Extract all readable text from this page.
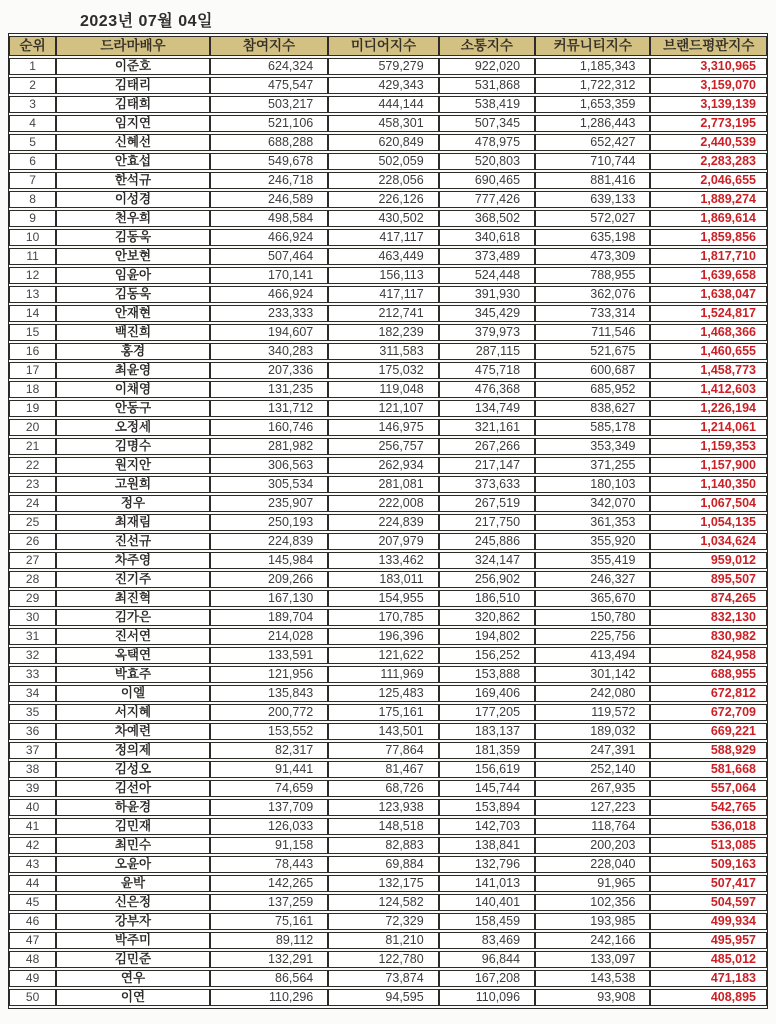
2023년 07월 04일
순위	드라마배우	참여지수	미디어지수	소통지수	커뮤니티지수	브랜드평판지수
1	이준호	624,324	579,279	922,020	1,185,343	3,310,965
2	김태리	475,547	429,343	531,868	1,722,312	3,159,070
3	김태희	503,217	444,144	538,419	1,653,359	3,139,139
4	임지연	521,106	458,301	507,345	1,286,443	2,773,195
5	신혜선	688,288	620,849	478,975	652,427	2,440,539
6	안효섭	549,678	502,059	520,803	710,744	2,283,283
7	한석규	246,718	228,056	690,465	881,416	2,046,655
8	이성경	246,589	226,126	777,426	639,133	1,889,274
9	천우희	498,584	430,502	368,502	572,027	1,869,614
10	김동욱	466,924	417,117	340,618	635,198	1,859,856
11	안보현	507,464	463,449	373,489	473,309	1,817,710
12	임윤아	170,141	156,113	524,448	788,955	1,639,658
13	김동욱	466,924	417,117	391,930	362,076	1,638,047
14	안재현	233,333	212,741	345,429	733,314	1,524,817
15	백진희	194,607	182,239	379,973	711,546	1,468,366
16	홍경	340,283	311,583	287,115	521,675	1,460,655
17	최윤영	207,336	175,032	475,718	600,687	1,458,773
18	이채영	131,235	119,048	476,368	685,952	1,412,603
19	안동구	131,712	121,107	134,749	838,627	1,226,194
20	오정세	160,746	146,975	321,161	585,178	1,214,061
21	김명수	281,982	256,757	267,266	353,349	1,159,353
22	원지안	306,563	262,934	217,147	371,255	1,157,900
23	고원희	305,534	281,081	373,633	180,103	1,140,350
24	정우	235,907	222,008	267,519	342,070	1,067,504
25	최재림	250,193	224,839	217,750	361,353	1,054,135
26	진선규	224,839	207,979	245,886	355,920	1,034,624
27	차주영	145,984	133,462	324,147	355,419	959,012
28	진기주	209,266	183,011	256,902	246,327	895,507
29	최진혁	167,130	154,955	186,510	365,670	874,265
30	김가은	189,704	170,785	320,862	150,780	832,130
31	진서연	214,028	196,396	194,802	225,756	830,982
32	옥택연	133,591	121,622	156,252	413,494	824,958
33	박효주	121,956	111,969	153,888	301,142	688,955
34	이엘	135,843	125,483	169,406	242,080	672,812
35	서지혜	200,772	175,161	177,205	119,572	672,709
36	차예련	153,552	143,501	183,137	189,032	669,221
37	정의제	82,317	77,864	181,359	247,391	588,929
38	김성오	91,441	81,467	156,619	252,140	581,668
39	김선아	74,659	68,726	145,744	267,935	557,064
40	하윤경	137,709	123,938	153,894	127,223	542,765
41	김민재	126,033	148,518	142,703	118,764	536,018
42	최민수	91,158	82,883	138,841	200,203	513,085
43	오윤아	78,443	69,884	132,796	228,040	509,163
44	윤박	142,265	132,175	141,013	91,965	507,417
45	신은정	137,259	124,582	140,401	102,356	504,597
46	강부자	75,161	72,329	158,459	193,985	499,934
47	박주미	89,112	81,210	83,469	242,166	495,957
48	김민준	132,291	122,780	96,844	133,097	485,012
49	연우	86,564	73,874	167,208	143,538	471,183
50	이연	110,296	94,595	110,096	93,908	408,895
